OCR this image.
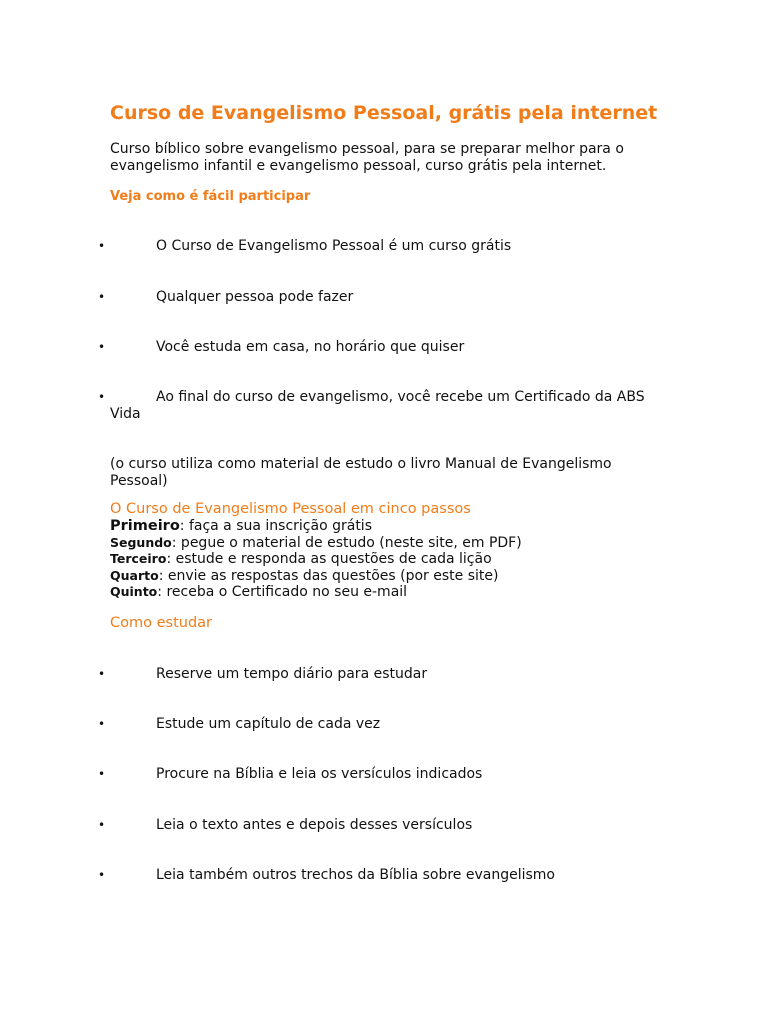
Curso de Evangelismo Pessoal, grátis pela internet
Curso bíblico sobre evangelismo pessoal, para se preparar melhor para o evangelismo infantil e evangelismo pessoal, curso grátis pela internet.
Veja como é fácil participar
•	O Curso de Evangelismo Pessoal é um curso grátis
•	Qualquer pessoa pode fazer
•	Você estuda em casa, no horário que quiser
•	Ao final do curso de evangelismo, você recebe um Certificado da ABS Vida
(o curso utiliza como material de estudo o livro Manual de Evangelismo Pessoal)
O Curso de Evangelismo Pessoal em cinco passos
Primeiro: faça a sua inscrição grátis
Segundo: pegue o material de estudo (neste site, em PDF)
Terceiro: estude e responda as questões de cada lição
Quarto: envie as respostas das questões (por este site)
Quinto: receba o Certificado no seu e-mail
Como estudar
•	Reserve um tempo diário para estudar
•	Estude um capítulo de cada vez
•	Procure na Bíblia e leia os versículos indicados
•	Leia o texto antes e depois desses versículos
•	Leia também outros trechos da Bíblia sobre evangelismo
